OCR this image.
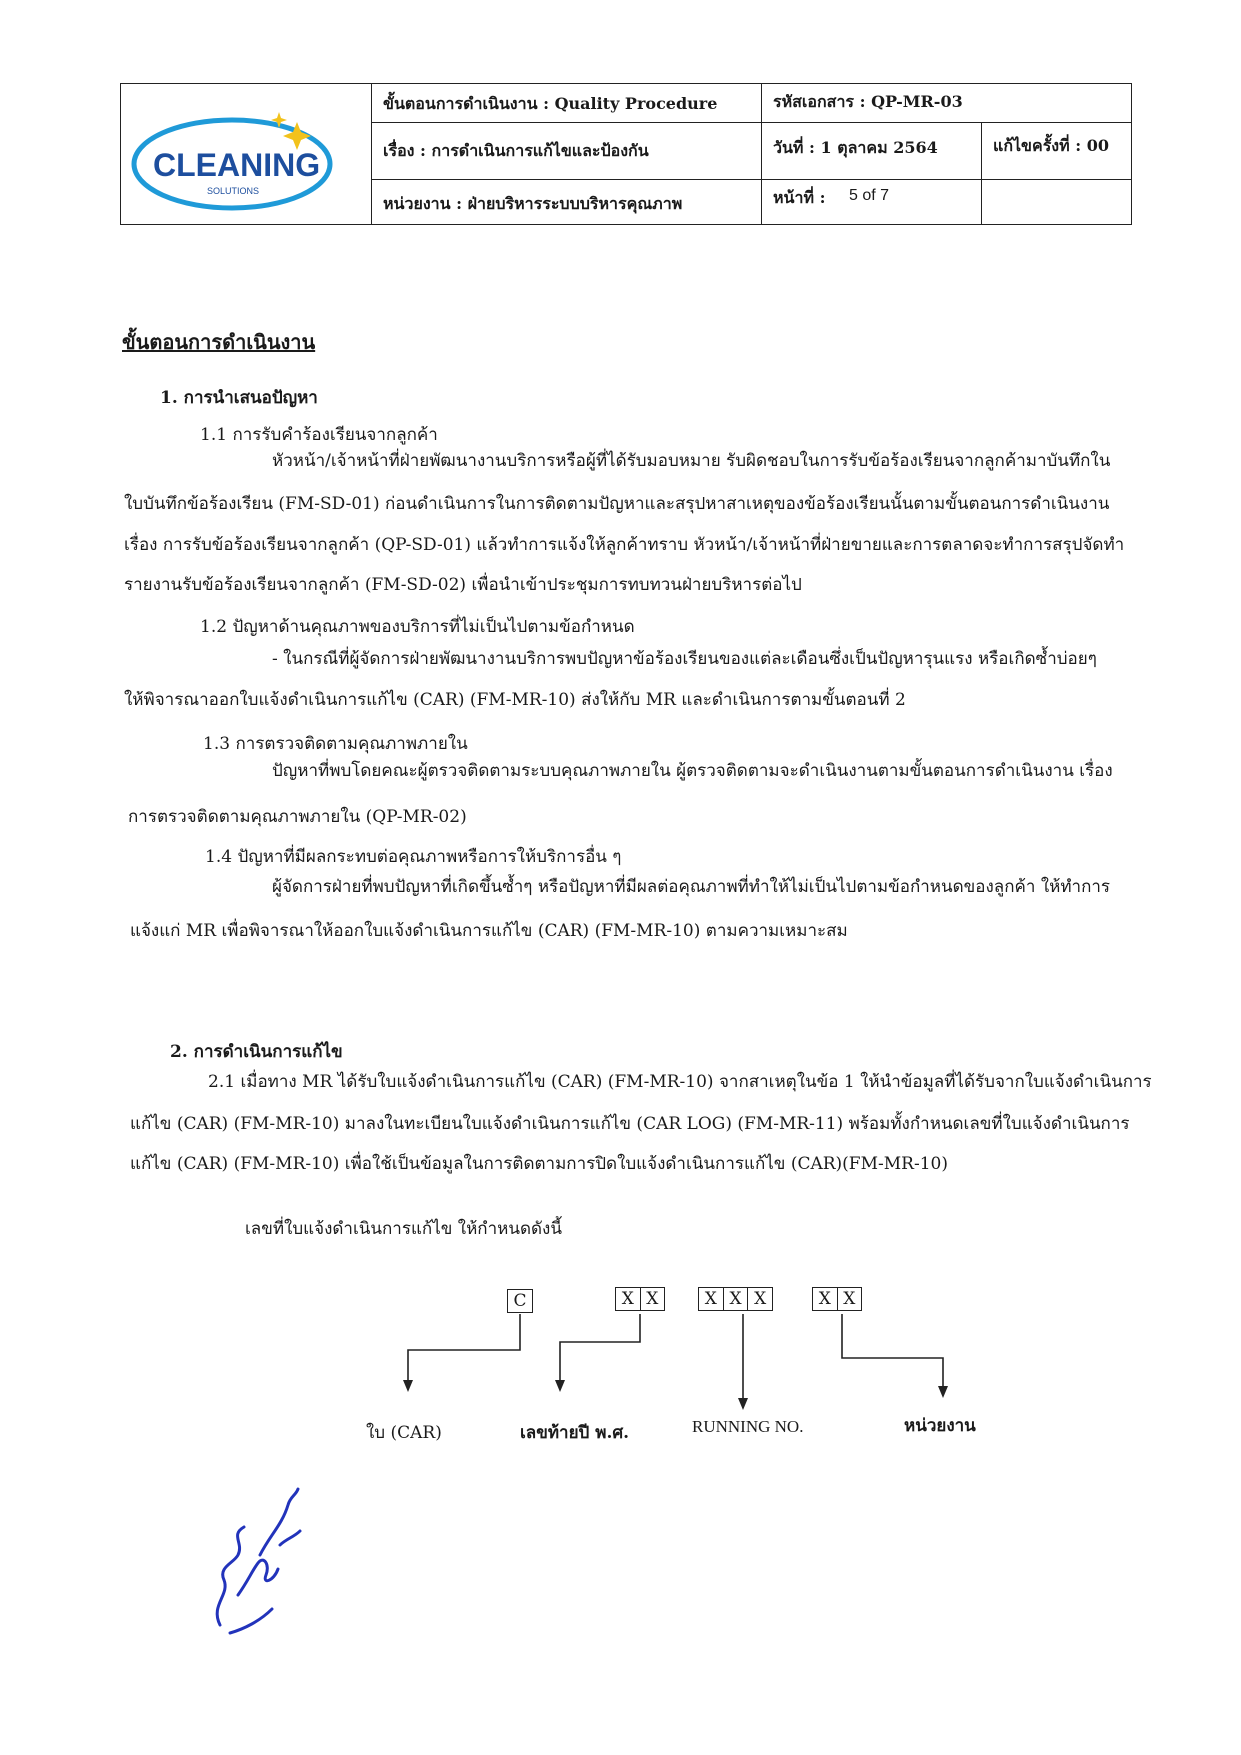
CLEANING
SOLUTIONS
ขั้นตอนการดำเนินงาน : Quality Procedure	รหัสเอกสาร : QP-MR-03
เรื่อง : การดำเนินการแก้ไขและป้องกัน	วันที่ : 1 ตุลาคม 2564	แก้ไขครั้งที่ : 00
หน่วยงาน : ฝ่ายบริหารระบบบริหารคุณภาพ	หน้าที่ : 5 of 7
ขั้นตอนการดำเนินงาน
1. การนำเสนอปัญหา
1.1 การรับคำร้องเรียนจากลูกค้า
หัวหน้า/เจ้าหน้าที่ฝ่ายพัฒนางานบริการหรือผู้ที่ได้รับมอบหมาย รับผิดชอบในการรับข้อร้องเรียนจากลูกค้ามาบันทึกใน
ใบบันทึกข้อร้องเรียน (FM-SD-01) ก่อนดำเนินการในการติดตามปัญหาและสรุปหาสาเหตุของข้อร้องเรียนนั้นตามขั้นตอนการดำเนินงาน
เรื่อง การรับข้อร้องเรียนจากลูกค้า (QP-SD-01) แล้วทำการแจ้งให้ลูกค้าทราบ หัวหน้า/เจ้าหน้าที่ฝ่ายขายและการตลาดจะทำการสรุปจัดทำ
รายงานรับข้อร้องเรียนจากลูกค้า (FM-SD-02) เพื่อนำเข้าประชุมการทบทวนฝ่ายบริหารต่อไป
1.2 ปัญหาด้านคุณภาพของบริการที่ไม่เป็นไปตามข้อกำหนด
- ในกรณีที่ผู้จัดการฝ่ายพัฒนางานบริการพบปัญหาข้อร้องเรียนของแต่ละเดือนซึ่งเป็นปัญหารุนแรง หรือเกิดซ้ำบ่อยๆ
ให้พิจารณาออกใบแจ้งดำเนินการแก้ไข (CAR) (FM-MR-10) ส่งให้กับ MR และดำเนินการตามขั้นตอนที่ 2
1.3 การตรวจติดตามคุณภาพภายใน
ปัญหาที่พบโดยคณะผู้ตรวจติดตามระบบคุณภาพภายใน ผู้ตรวจติดตามจะดำเนินงานตามขั้นตอนการดำเนินงาน เรื่อง
การตรวจติดตามคุณภาพภายใน (QP-MR-02)
1.4 ปัญหาที่มีผลกระทบต่อคุณภาพหรือการให้บริการอื่น ๆ
ผู้จัดการฝ่ายที่พบปัญหาที่เกิดขึ้นซ้ำๆ หรือปัญหาที่มีผลต่อคุณภาพที่ทำให้ไม่เป็นไปตามข้อกำหนดของลูกค้า ให้ทำการ
แจ้งแก่ MR เพื่อพิจารณาให้ออกใบแจ้งดำเนินการแก้ไข (CAR) (FM-MR-10) ตามความเหมาะสม
2. การดำเนินการแก้ไข
2.1 เมื่อทาง MR ได้รับใบแจ้งดำเนินการแก้ไข (CAR) (FM-MR-10) จากสาเหตุในข้อ 1 ให้นำข้อมูลที่ได้รับจากใบแจ้งดำเนินการ
แก้ไข (CAR) (FM-MR-10) มาลงในทะเบียนใบแจ้งดำเนินการแก้ไข (CAR LOG) (FM-MR-11) พร้อมทั้งกำหนดเลขที่ใบแจ้งดำเนินการ
แก้ไข (CAR) (FM-MR-10) เพื่อใช้เป็นข้อมูลในการติดตามการปิดใบแจ้งดำเนินการแก้ไข (CAR)(FM-MR-10)
เลขที่ใบแจ้งดำเนินการแก้ไข ให้กำหนดดังนี้
C	X X	X X X	X X
ใบ (CAR)	เลขท้ายปี พ.ศ.	RUNNING NO.	หน่วยงาน
